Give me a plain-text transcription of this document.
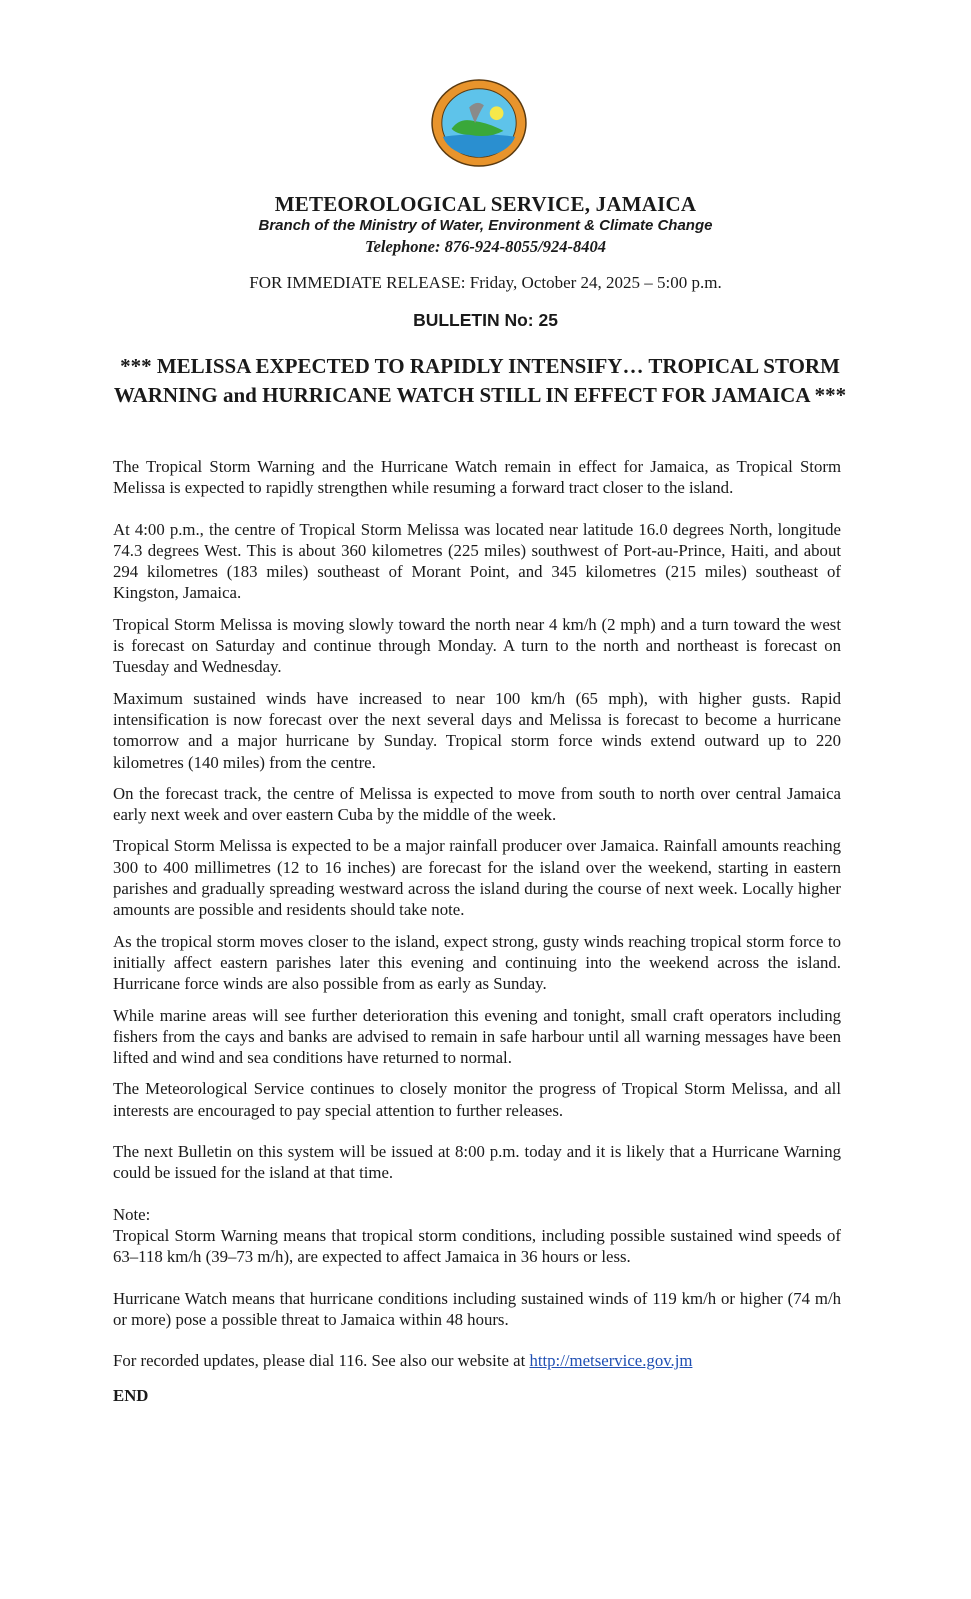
METEOROLOGICAL SERVICE, JAMAICA
Branch of the Ministry of Water, Environment & Climate Change
Telephone: 876-924-8055/924-8404
FOR IMMEDIATE RELEASE: Friday, October 24, 2025 – 5:00 p.m.
BULLETIN No: 25
*** MELISSA EXPECTED TO RAPIDLY INTENSIFY… TROPICAL STORM WARNING and HURRICANE WATCH STILL IN EFFECT FOR JAMAICA ***

The Tropical Storm Warning and the Hurricane Watch remain in effect for Jamaica, as Tropical Storm Melissa is expected to rapidly strengthen while resuming a forward tract closer to the island.

At 4:00 p.m., the centre of Tropical Storm Melissa was located near latitude 16.0 degrees North, longitude 74.3 degrees West. This is about 360 kilometres (225 miles) southwest of Port-au-Prince, Haiti, and about 294 kilometres (183 miles) southeast of Morant Point, and 345 kilometres (215 miles) southeast of Kingston, Jamaica.

Tropical Storm Melissa is moving slowly toward the north near 4 km/h (2 mph) and a turn toward the west is forecast on Saturday and continue through Monday. A turn to the north and northeast is forecast on Tuesday and Wednesday.

Maximum sustained winds have increased to near 100 km/h (65 mph), with higher gusts. Rapid intensification is now forecast over the next several days and Melissa is forecast to become a hurricane tomorrow and a major hurricane by Sunday. Tropical storm force winds extend outward up to 220 kilometres (140 miles) from the centre.

On the forecast track, the centre of Melissa is expected to move from south to north over central Jamaica early next week and over eastern Cuba by the middle of the week.

Tropical Storm Melissa is expected to be a major rainfall producer over Jamaica. Rainfall amounts reaching 300 to 400 millimetres (12 to 16 inches) are forecast for the island over the weekend, starting in eastern parishes and gradually spreading westward across the island during the course of next week. Locally higher amounts are possible and residents should take note.

As the tropical storm moves closer to the island, expect strong, gusty winds reaching tropical storm force to initially affect eastern parishes later this evening and continuing into the weekend across the island. Hurricane force winds are also possible from as early as Sunday.

While marine areas will see further deterioration this evening and tonight, small craft operators including fishers from the cays and banks are advised to remain in safe harbour until all warning messages have been lifted and wind and sea conditions have returned to normal.

The Meteorological Service continues to closely monitor the progress of Tropical Storm Melissa, and all interests are encouraged to pay special attention to further releases.

The next Bulletin on this system will be issued at 8:00 p.m. today and it is likely that a Hurricane Warning could be issued for the island at that time.

Note:
Tropical Storm Warning means that tropical storm conditions, including possible sustained wind speeds of 63–118 km/h (39–73 m/h), are expected to affect Jamaica in 36 hours or less.

Hurricane Watch means that hurricane conditions including sustained winds of 119 km/h or higher (74 m/h or more) pose a possible threat to Jamaica within 48 hours.

For recorded updates, please dial 116. See also our website at http://metservice.gov.jm

END
